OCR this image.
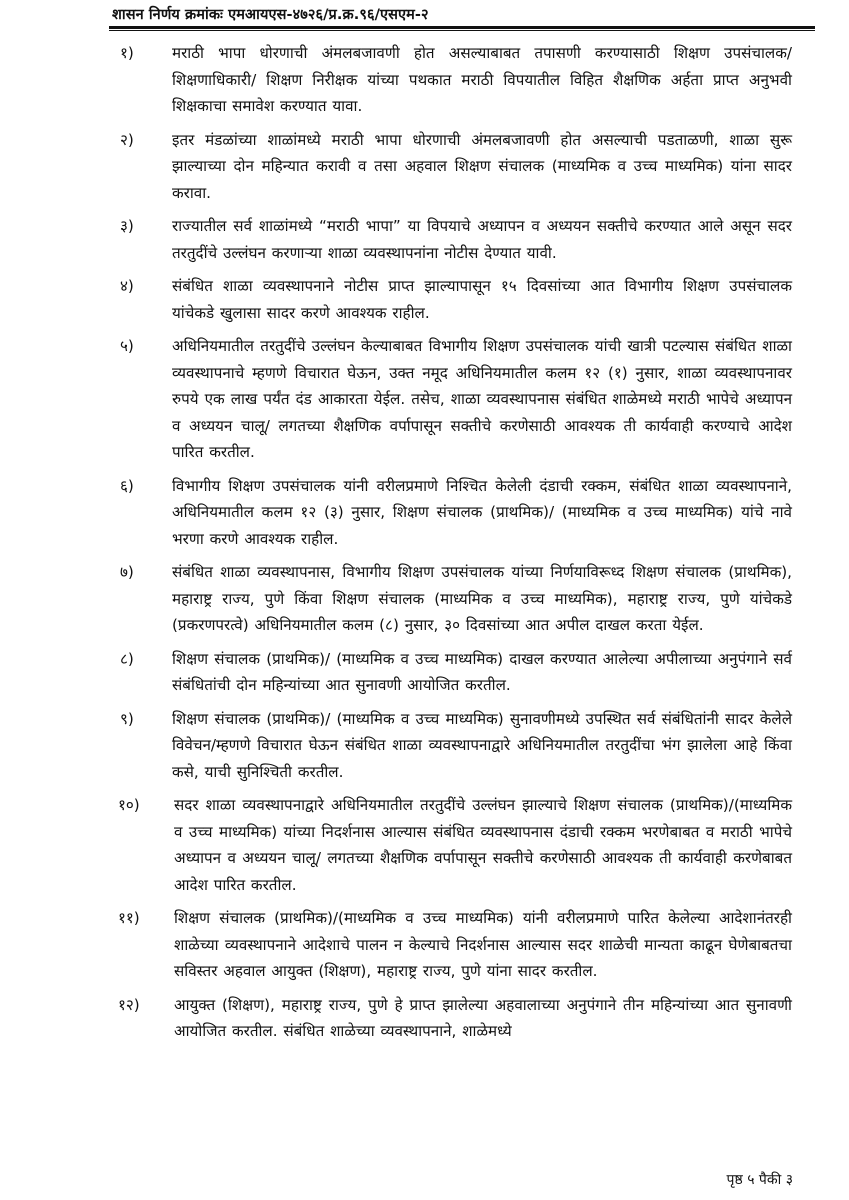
शासन निर्णय क्रमांकः एमआयएस-४७२६/प्र.क्र.९६/एसएम-२
१)	मराठी भापा धोरणाची अंमलबजावणी होत असल्याबाबत तपासणी करण्यासाठी शिक्षण उपसंचालक/ शिक्षणाधिकारी/ शिक्षण निरीक्षक यांच्या पथकात मराठी विपयातील विहित शैक्षणिक अर्हता प्राप्त अनुभवी शिक्षकाचा समावेश करण्यात यावा.
२)	इतर मंडळांच्या शाळांमध्ये मराठी भापा धोरणाची अंमलबजावणी होत असल्याची पडताळणी, शाळा सुरू झाल्याच्या दोन महिन्यात करावी व तसा अहवाल शिक्षण संचालक (माध्यमिक व उच्च माध्यमिक) यांना सादर करावा.
३)	राज्यातील सर्व शाळांमध्ये “मराठी भापा” या विपयाचे अध्यापन व अध्ययन सक्तीचे करण्यात आले असून सदर तरतुदींचे उल्लंघन करणाऱ्या शाळा व्यवस्थापनांना नोटीस देण्यात यावी.
४)	संबंधित शाळा व्यवस्थापनाने नोटीस प्राप्त झाल्यापासून १५ दिवसांच्या आत विभागीय शिक्षण उपसंचालक यांचेकडे खुलासा सादर करणे आवश्यक राहील.
५)	अधिनियमातील तरतुदींचे उल्लंघन केल्याबाबत विभागीय शिक्षण उपसंचालक यांची खात्री पटल्यास संबंधित शाळा व्यवस्थापनाचे म्हणणे विचारात घेऊन, उक्त नमूद अधिनियमातील कलम १२ (१) नुसार, शाळा व्यवस्थापनावर रुपये एक लाख पर्यंत दंड आकारता येईल. तसेच, शाळा व्यवस्थापनास संबंधित शाळेमध्ये मराठी भापेचे अध्यापन व अध्ययन चालू/ लगतच्या शैक्षणिक वर्पापासून सक्तीचे करणेसाठी आवश्यक ती कार्यवाही करण्याचे आदेश पारित करतील.
६)	विभागीय शिक्षण उपसंचालक यांनी वरीलप्रमाणे निश्चित केलेली दंडाची रक्कम, संबंधित शाळा व्यवस्थापनाने, अधिनियमातील कलम १२ (३) नुसार, शिक्षण संचालक (प्राथमिक)/ (माध्यमिक व उच्च माध्यमिक) यांचे नावे भरणा करणे आवश्यक राहील.
७)	संबंधित शाळा व्यवस्थापनास, विभागीय शिक्षण उपसंचालक यांच्या निर्णयाविरूध्द शिक्षण संचालक (प्राथमिक), महाराष्ट्र राज्य, पुणे किंवा शिक्षण संचालक (माध्यमिक व उच्च माध्यमिक), महाराष्ट्र राज्य, पुणे यांचेकडे (प्रकरणपरत्वे) अधिनियमातील कलम (८) नुसार, ३० दिवसांच्या आत अपील दाखल करता येईल.
८)	शिक्षण संचालक (प्राथमिक)/ (माध्यमिक व उच्च माध्यमिक) दाखल करण्यात आलेल्या अपीलाच्या अनुपंगाने सर्व संबंधितांची दोन महिन्यांच्या आत सुनावणी आयोजित करतील.
९)	शिक्षण संचालक (प्राथमिक)/ (माध्यमिक व उच्च माध्यमिक) सुनावणीमध्ये उपस्थित सर्व संबंधितांनी सादर केलेले विवेचन/म्हणणे विचारात घेऊन संबंधित शाळा व्यवस्थापनाद्वारे अधिनियमातील तरतुदींचा भंग झालेला आहे किंवा कसे, याची सुनिश्चिती करतील.
१०)	सदर शाळा व्यवस्थापनाद्वारे अधिनियमातील तरतुदींचे उल्लंघन झाल्याचे शिक्षण संचालक (प्राथमिक)/(माध्यमिक व उच्च माध्यमिक) यांच्या निदर्शनास आल्यास संबंधित व्यवस्थापनास दंडाची रक्कम भरणेबाबत व मराठी भापेचे अध्यापन व अध्ययन चालू/ लगतच्या शैक्षणिक वर्पापासून सक्तीचे करणेसाठी आवश्यक ती कार्यवाही करणेबाबत आदेश पारित करतील.
११)	शिक्षण संचालक (प्राथमिक)/(माध्यमिक व उच्च माध्यमिक) यांनी वरीलप्रमाणे पारित केलेल्या आदेशानंतरही शाळेच्या व्यवस्थापनाने आदेशाचे पालन न केल्याचे निदर्शनास आल्यास सदर शाळेची मान्यता काढून घेणेबाबतचा सविस्तर अहवाल आयुक्त (शिक्षण), महाराष्ट्र राज्य, पुणे यांना सादर करतील.
१२)	आयुक्त (शिक्षण), महाराष्ट्र राज्य, पुणे हे प्राप्त झालेल्या अहवालाच्या अनुपंगाने तीन महिन्यांच्या आत सुनावणी आयोजित करतील. संबंधित शाळेच्या व्यवस्थापनाने, शाळेमध्ये
पृष्ठ ५ पैकी ३
